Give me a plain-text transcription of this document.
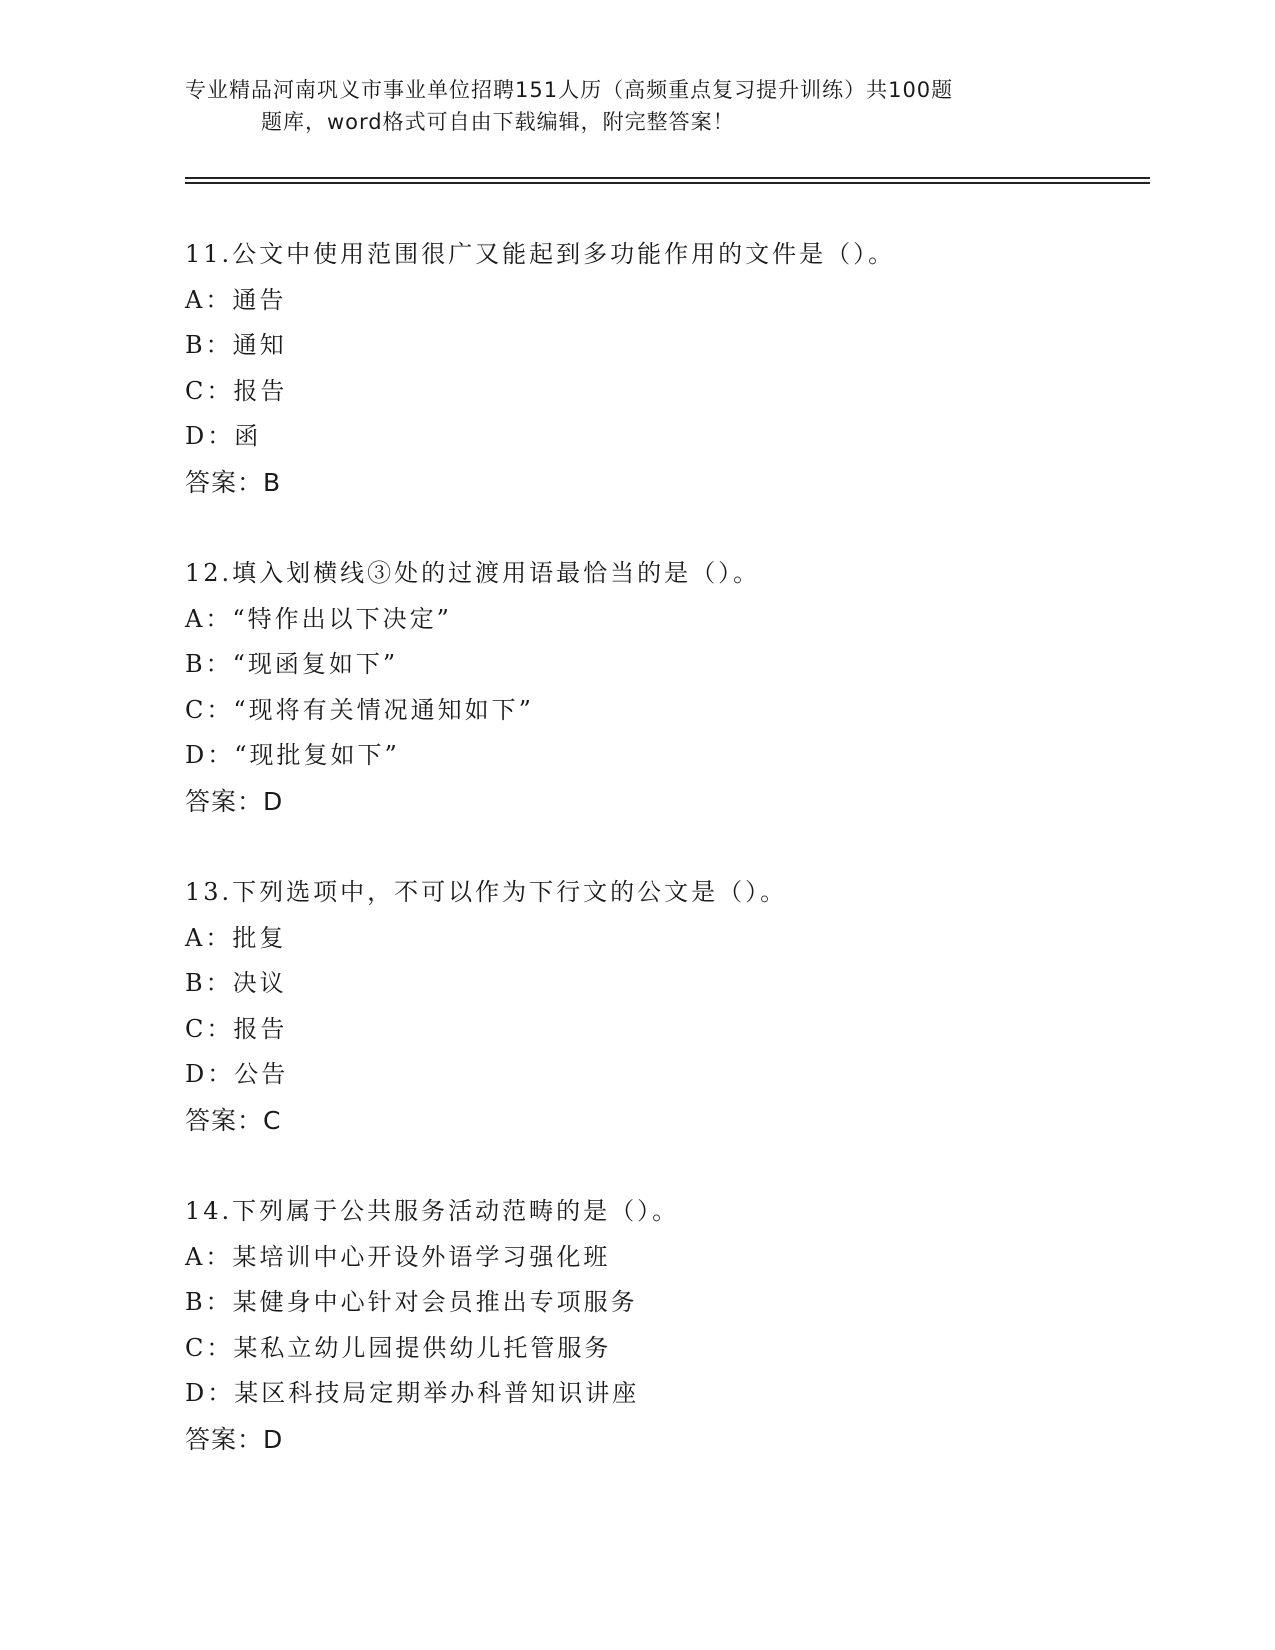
专业精品河南巩义市事业单位招聘151人历（高频重点复习提升训练）共100题
题库，word格式可自由下载编辑，附完整答案！
11.公文中使用范围很广又能起到多功能作用的文件是（）。
A：通告
B：通知
C：报告
D：函
答案：B
12.填入划横线③处的过渡用语最恰当的是（）。
A：“特作出以下决定”
B：“现函复如下”
C：“现将有关情况通知如下”
D：“现批复如下”
答案：D
13.下列选项中，不可以作为下行文的公文是（）。
A：批复
B：决议
C：报告
D：公告
答案：C
14.下列属于公共服务活动范畴的是（）。
A：某培训中心开设外语学习强化班
B：某健身中心针对会员推出专项服务
C：某私立幼儿园提供幼儿托管服务
D：某区科技局定期举办科普知识讲座
答案：D
